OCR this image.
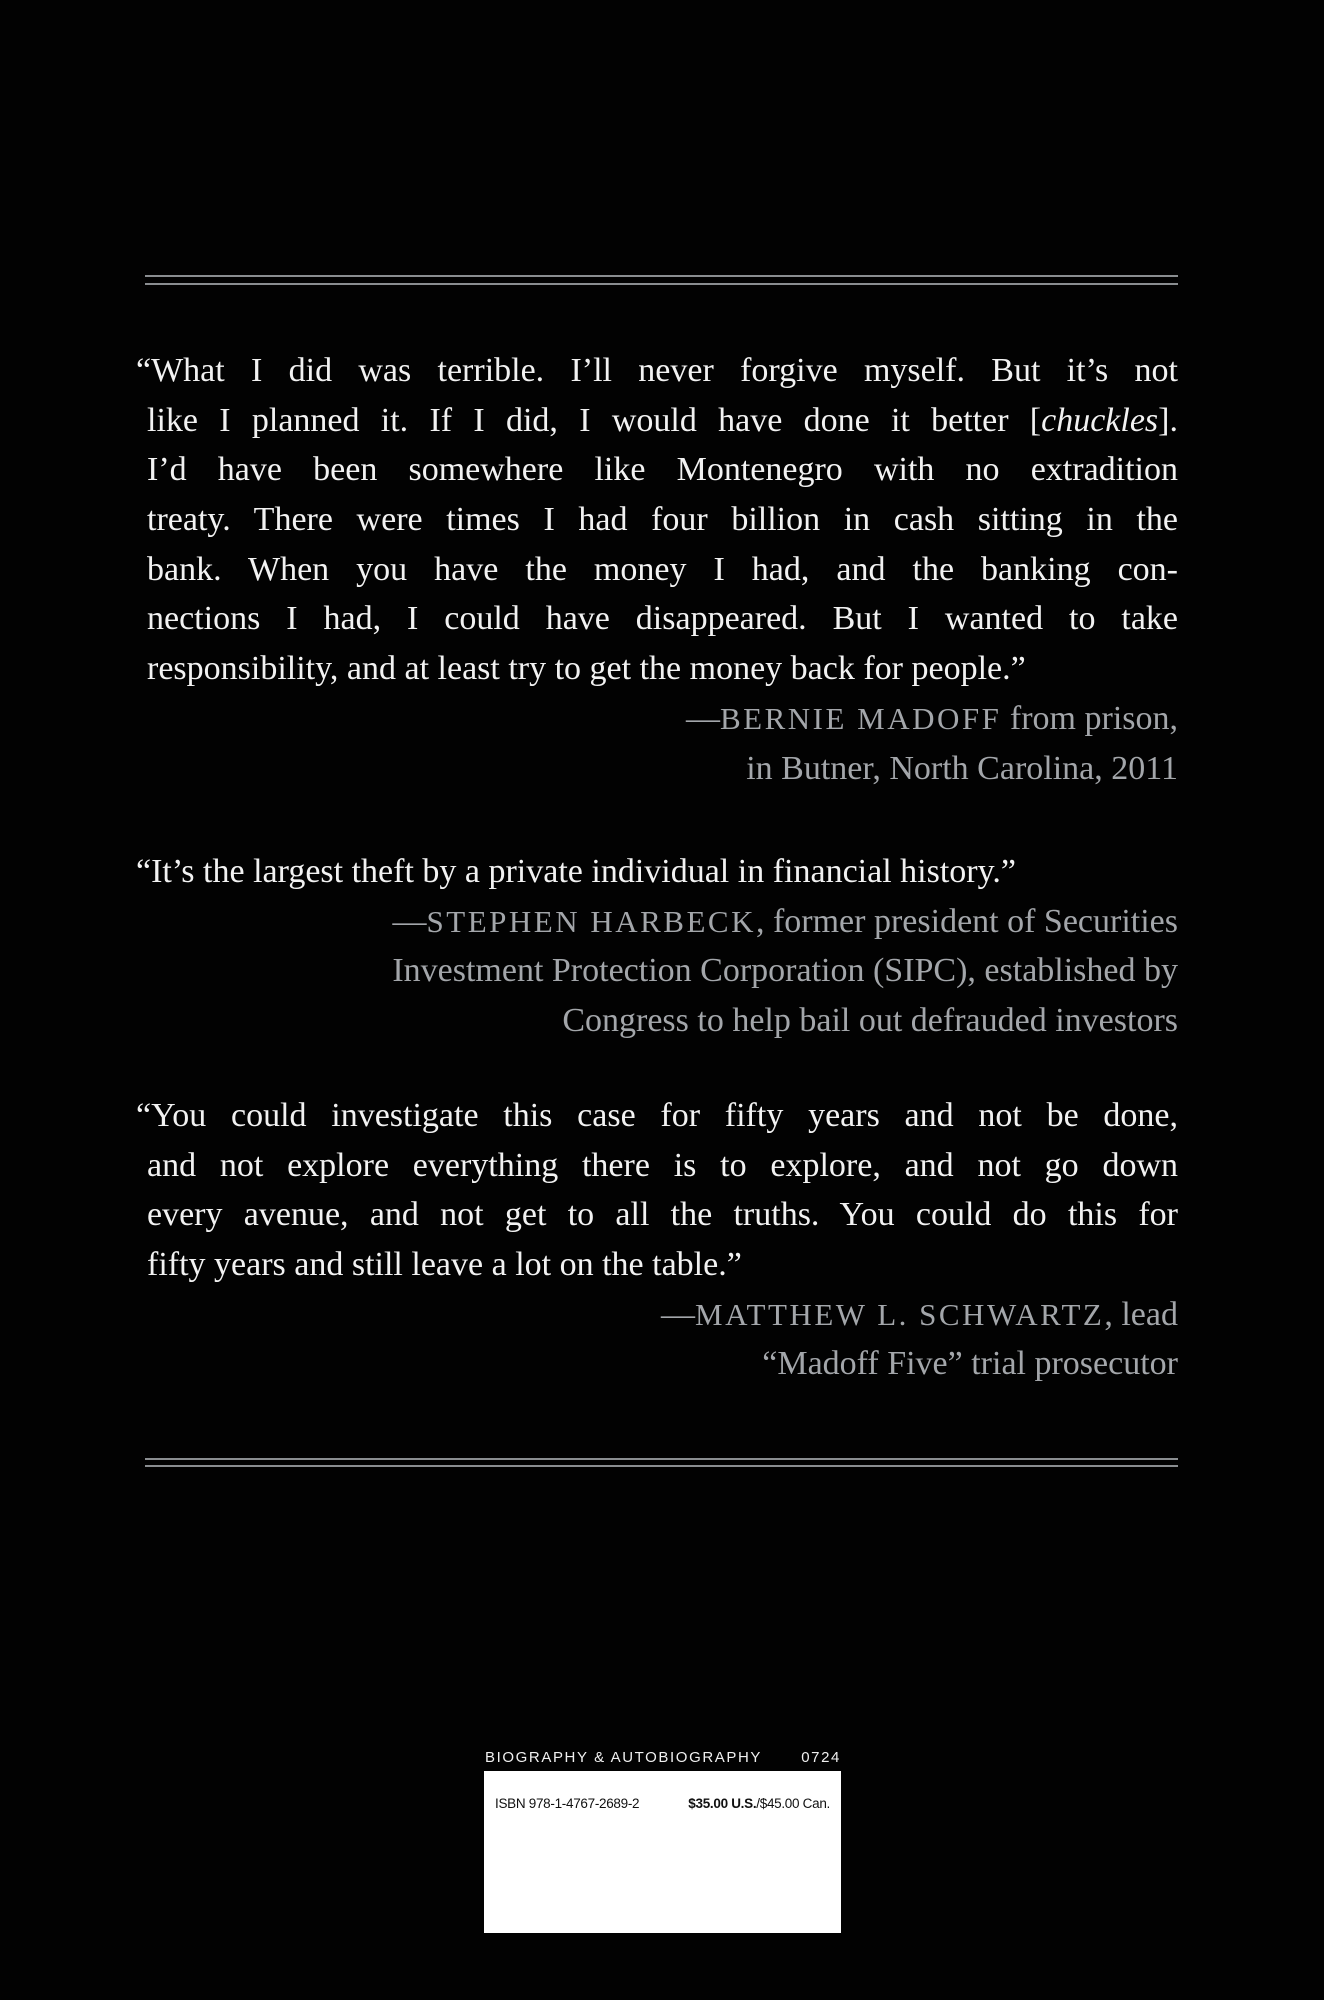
“What I did was terrible. I’ll never forgive myself. But it’s not
like I planned it. If I did, I would have done it better [chuckles].
I’d have been somewhere like Montenegro with no extradition
treaty. There were times I had four billion in cash sitting in the
bank. When you have the money I had, and the banking con-
nections I had, I could have disappeared. But I wanted to take
responsibility, and at least try to get the money back for people.”
—BERNIE MADOFF from prison,
in Butner, North Carolina, 2011
“It’s the largest theft by a private individual in financial history.”
—STEPHEN HARBECK, former president of Securities
Investment Protection Corporation (SIPC), established by
Congress to help bail out defrauded investors
“You could investigate this case for fifty years and not be done,
and not explore everything there is to explore, and not go down
every avenue, and not get to all the truths. You could do this for
fifty years and still leave a lot on the table.”
—MATTHEW L. SCHWARTZ, lead
“Madoff Five” trial prosecutor
BIOGRAPHY & AUTOBIOGRAPHY	0724
ISBN 978-1-4767-2689-2	$35.00 U.S./$45.00 Can.
